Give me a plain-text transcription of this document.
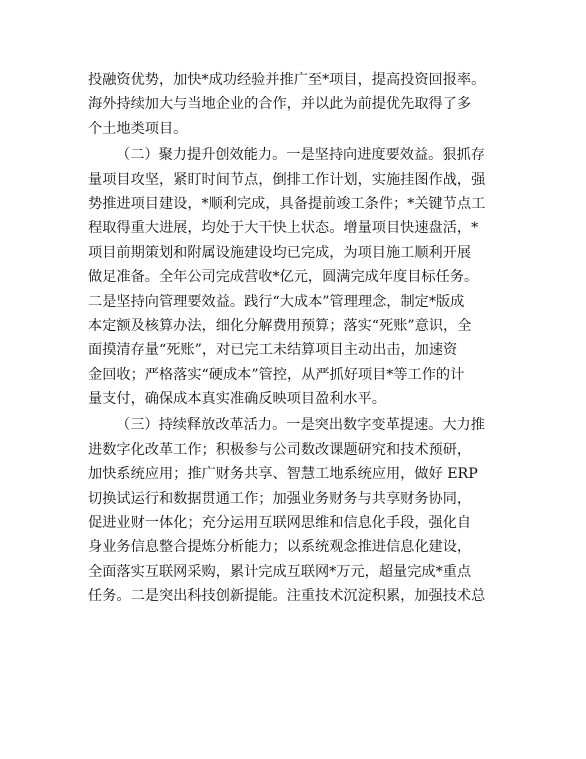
投融资优势，加快*成功经验并推广至*项目，提高投资回报率。
海外持续加大与当地企业的合作，并以此为前提优先取得了多
个土地类项目。
（二）聚力提升创效能力。一是坚持向进度要效益。狠抓存
量项目攻坚，紧盯时间节点，倒排工作计划，实施挂图作战，强
势推进项目建设，*顺利完成，具备提前竣工条件；*关键节点工
程取得重大进展，均处于大干快上状态。增量项目快速盘活，*
项目前期策划和附属设施建设均已完成，为项目施工顺利开展
做足准备。全年公司完成营收*亿元，圆满完成年度目标任务。
二是坚持向管理要效益。践行“大成本”管理理念，制定*版成
本定额及核算办法，细化分解费用预算；落实“死账”意识，全
面摸清存量“死账”，对已完工未结算项目主动出击，加速资
金回收；严格落实“硬成本”管控，从严抓好项目*等工作的计
量支付，确保成本真实准确反映项目盈利水平。
（三）持续释放改革活力。一是突出数字变革提速。大力推
进数字化改革工作；积极参与公司数改课题研究和技术预研，
加快系统应用；推广财务共享、智慧工地系统应用，做好 ERP
切换试运行和数据贯通工作；加强业务财务与共享财务协同，
促进业财一体化；充分运用互联网思维和信息化手段，强化自
身业务信息整合提炼分析能力；以系统观念推进信息化建设，
全面落实互联网采购，累计完成互联网*万元，超量完成*重点
任务。二是突出科技创新提能。注重技术沉淀积累，加强技术总
